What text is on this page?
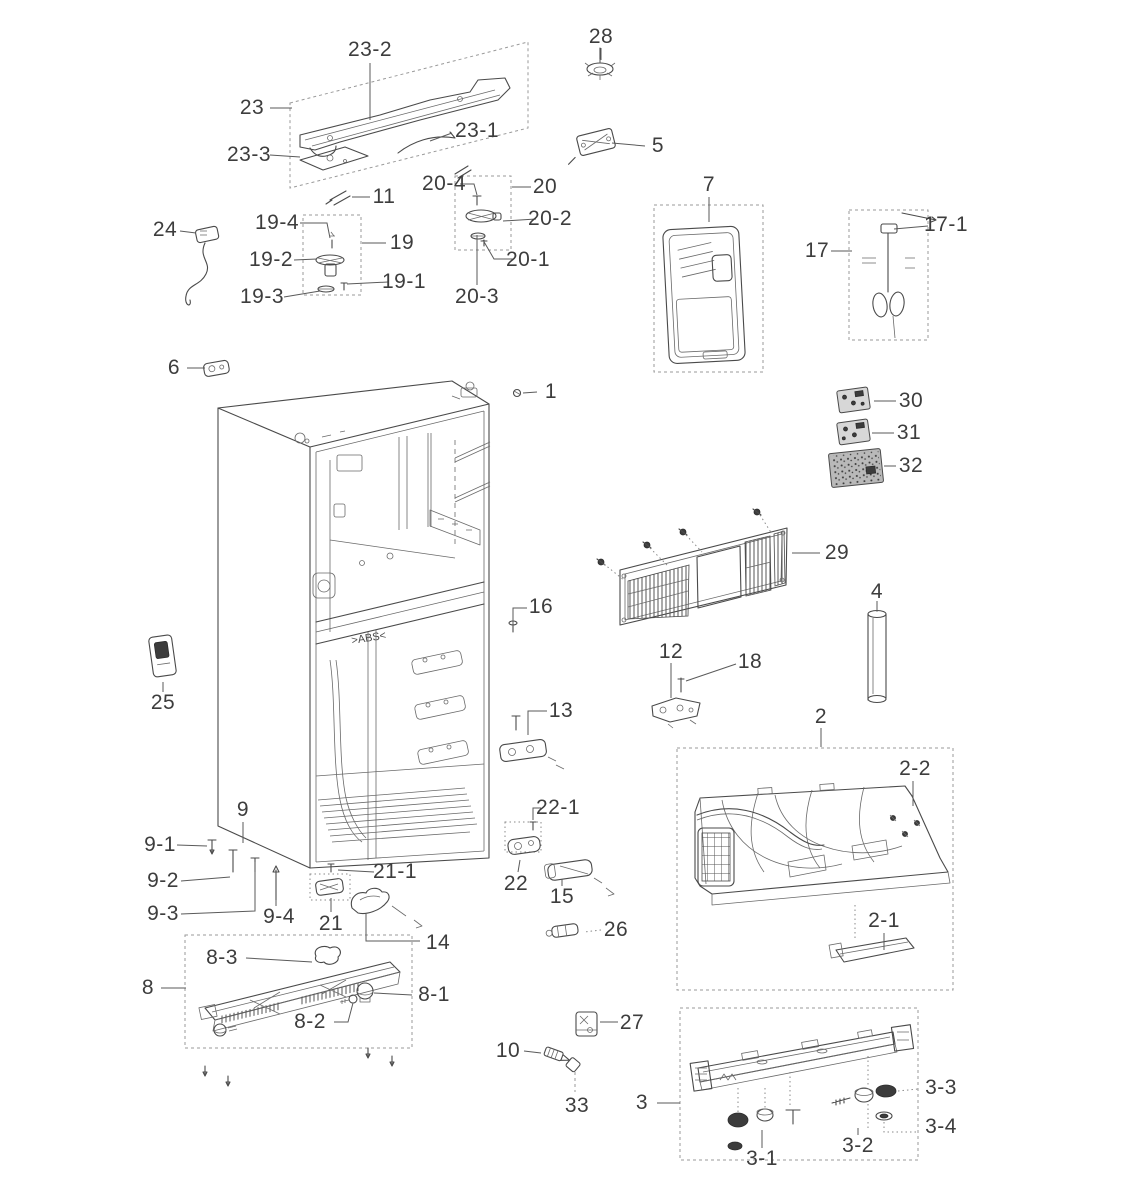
>ABS<
23-2
28
23
23-1
23-3	5
20-4	20
11
7
24	19-4	17-1
20-2
17
19
19-2	20-1
19-1
19-3	20-3
6
1	30
31
32
29
4
16
12	18
25	13	2
2-2
22-1
9
9-1
9-2	21-1
22
15
9-3	9-4 21	2-1
14
26
8-3
8	8-1
8-2	27
10
3-3
33 3
3-4
3-1
3-2
